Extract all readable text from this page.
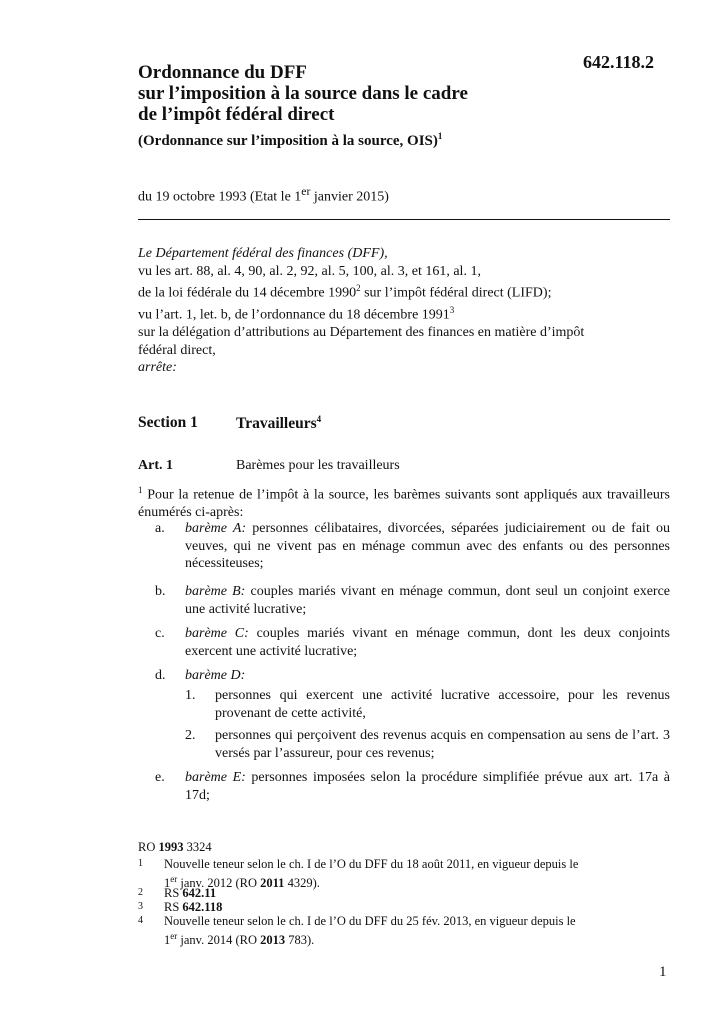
642.118.2
Ordonnance du DFF
sur l’imposition à la source dans le cadre
de l’impôt fédéral direct
(Ordonnance sur l’imposition à la source, OIS)$^1$
du 19 octobre 1993 (Etat le 1er janvier 2015)
Le Département fédéral des finances (DFF),
vu les art. 88, al. 4, 90, al. 2, 92, al. 5, 100, al. 3, et 161, al. 1,
de la loi fédérale du 14 décembre 1990$^2$ sur l’impôt fédéral direct (LIFD);
vu l’art. 1, let. b, de l’ordonnance du 18 décembre 1991$^3$
sur la délégation d’attributions au Département des finances en matière d’impôt
fédéral direct,
arrête:
Section 1 Travailleurs$^4$
Art. 1	Barèmes pour les travailleurs
$^1$ Pour la retenue de l’impôt à la source, les barèmes suivants sont appliqués aux travailleurs énumérés ci-après:
a. barème A: personnes célibataires, divorcées, séparées judiciairement ou de fait ou veuves, qui ne vivent pas en ménage commun avec des enfants ou des personnes nécessiteuses;
b. barème B: couples mariés vivant en ménage commun, dont seul un conjoint exerce une activité lucrative;
c. barème C: couples mariés vivant en ménage commun, dont les deux conjoints exercent une activité lucrative;
d. barème D:
1. personnes qui exercent une activité lucrative accessoire, pour les revenus provenant de cette activité,
2. personnes qui perçoivent des revenus acquis en compensation au sens de l’art. 3 versés par l’assureur, pour ces revenus;
e. barème E: personnes imposées selon la procédure simplifiée prévue aux art. 17a à 17d;
RO 1993 3324
1 Nouvelle teneur selon le ch. I de l’O du DFF du 18 août 2011, en vigueur depuis le
1er janv. 2012 (RO 2011 4329).
2 RS 642.11
3 RS 642.118
4 Nouvelle teneur selon le ch. I de l’O du DFF du 25 fév. 2013, en vigueur depuis le
1er janv. 2014 (RO 2013 783).
1
